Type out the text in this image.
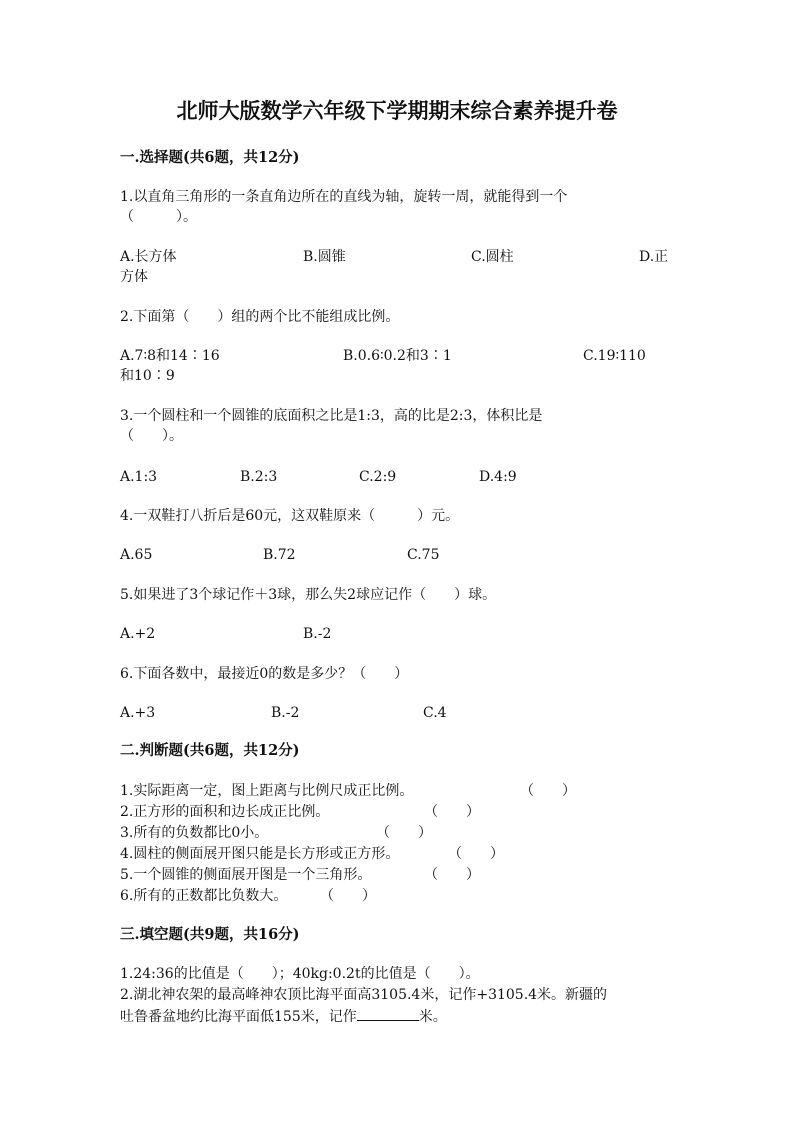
北师大版数学六年级下学期期末综合素养提升卷
一.选择题(共6题，共12分)
1.以直角三角形的一条直角边所在的直线为轴，旋转一周，就能得到一个
（　　　）。
A.长方体	B.圆锥	C.圆柱	D.正
方体
2.下面第（　　）组的两个比不能组成比例。
A.7∶8和14∶16	B.0.6∶0.2和3∶1	C.19∶110
和10∶9
3.一个圆柱和一个圆锥的底面积之比是1:3，高的比是2:3，体积比是
（　　）。
A.1:3	B.2:3	C.2:9	D.4:9
4.一双鞋打八折后是60元，这双鞋原来（　　　）元。
A.65	B.72	C.75
5.如果进了3个球记作＋3球，那么失2球应记作（　　）球。
A.+2	B.-2
6.下面各数中，最接近0的数是多少？（　　）
A.+3	B.-2	C.4
二.判断题(共6题，共12分)
1.实际距离一定，图上距离与比例尺成正比例。	（　　）
2.正方形的面积和边长成正比例。	（　　）
3.所有的负数都比0小。	（　　）
4.圆柱的侧面展开图只能是长方形或正方形。	（　　）
5.一个圆锥的侧面展开图是一个三角形。	（　　）
6.所有的正数都比负数大。 （　　）
三.填空题(共9题，共16分)
1.24:36的比值是（　　）；40kg:0.2t的比值是（　　）。
2.湖北神农架的最高峰神农顶比海平面高3105.4米，记作+3105.4米。新疆的
吐鲁番盆地约比海平面低155米，记作	米。
